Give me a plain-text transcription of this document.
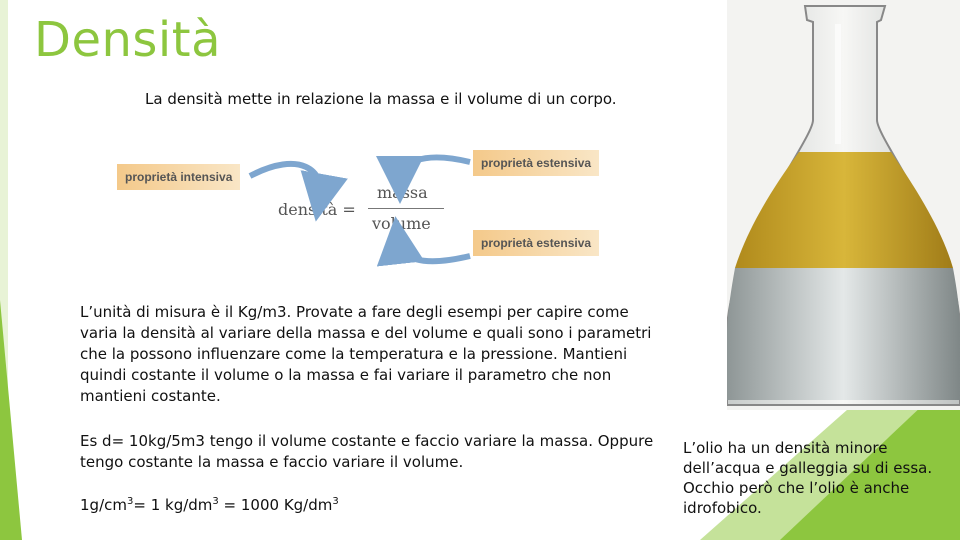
Densità
La densità mette in relazione la massa e il volume di un corpo.
proprietà intensiva
proprietà estensiva
proprietà estensiva
densità =
massa
volume
L’unità di misura è il Kg/m3. Provate a fare degli esempi per capire come varia la densità al variare della massa e del volume e quali sono i parametri che la possono influenzare come la temperatura e la pressione. Mantieni quindi costante il volume o la massa e fai variare il parametro che non mantieni costante.
Es d= 10kg/5m3 tengo il volume costante e faccio variare la massa. Oppure tengo costante la massa e faccio variare il volume.
$1g/cm^3= 1$ $kg/dm^3 = 1000$ $Kg/dm^3$
L’olio ha un densità minore dell’acqua e galleggia su di essa. Occhio però che l’olio è anche idrofobico.
